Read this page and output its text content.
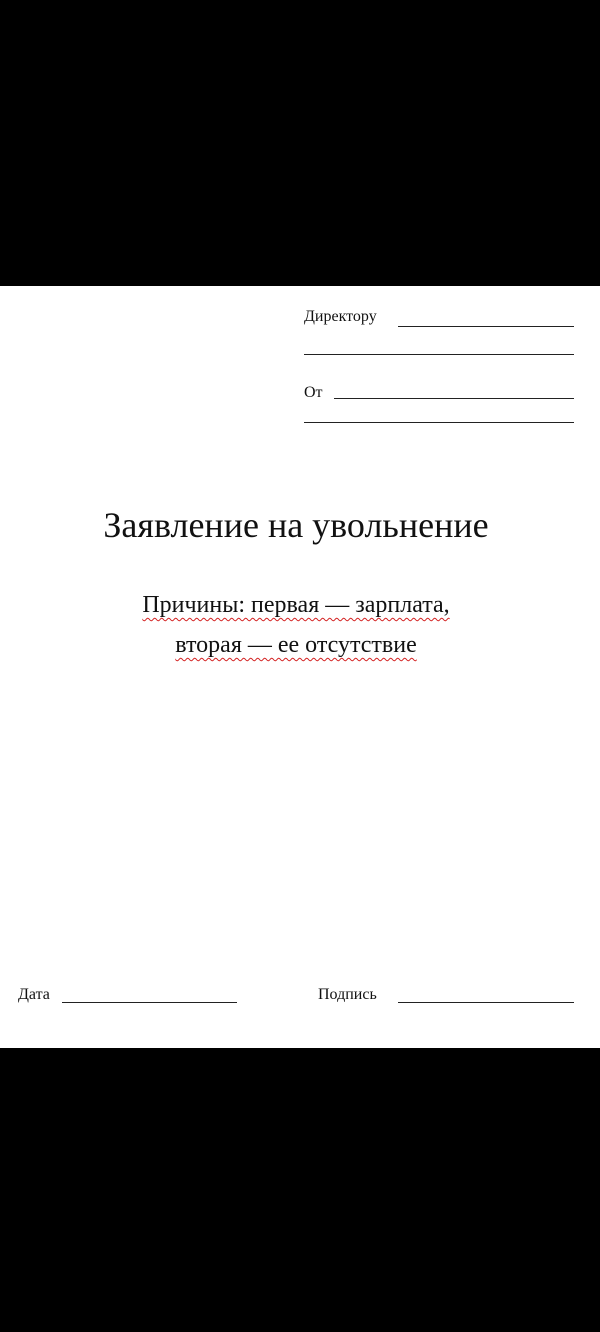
Директору
От
Заявление на увольнение
Причины: первая — зарплата,
вторая — ее отсутствие
Дата	Подпись
